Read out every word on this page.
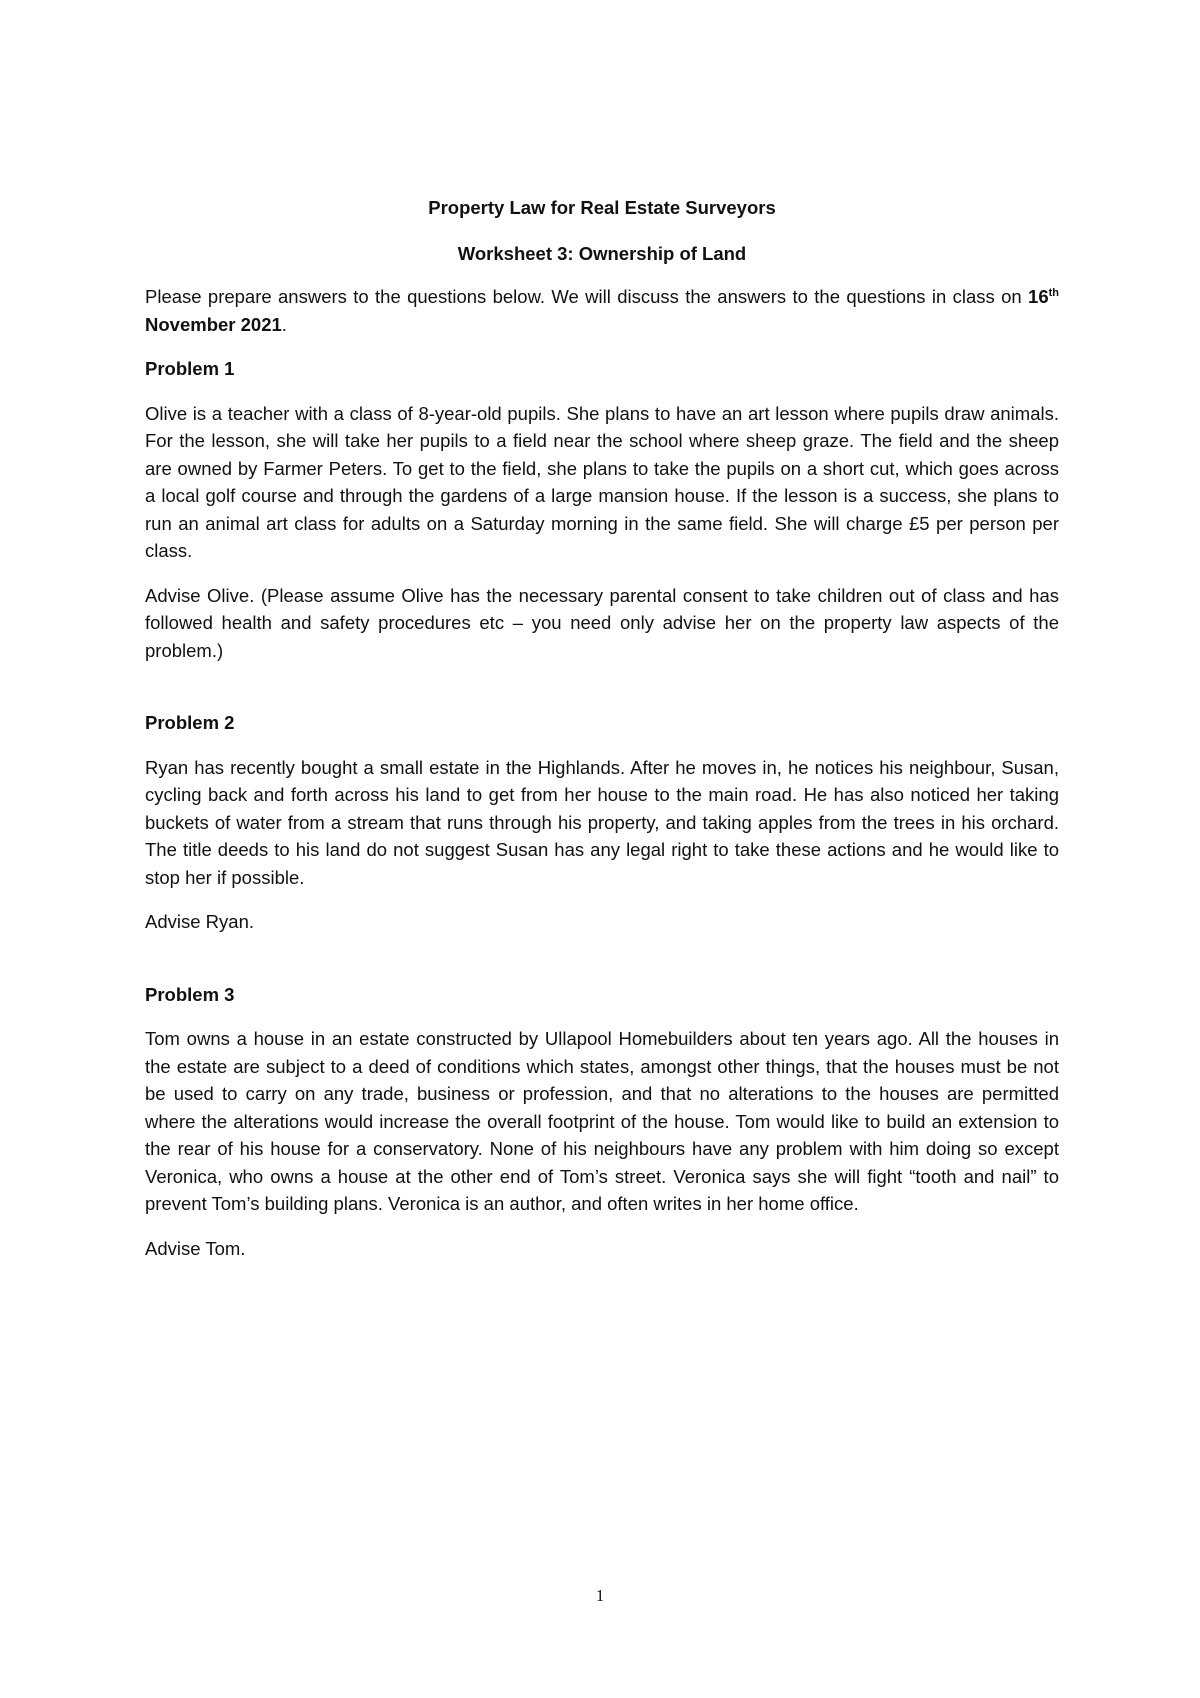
Property Law for Real Estate Surveyors

Worksheet 3: Ownership of Land

Please prepare answers to the questions below. We will discuss the answers to the questions in class on 16th November 2021.

Problem 1

Olive is a teacher with a class of 8-year-old pupils. She plans to have an art lesson where pupils draw animals. For the lesson, she will take her pupils to a field near the school where sheep graze. The field and the sheep are owned by Farmer Peters. To get to the field, she plans to take the pupils on a short cut, which goes across a local golf course and through the gardens of a large mansion house. If the lesson is a success, she plans to run an animal art class for adults on a Saturday morning in the same field. She will charge £5 per person per class.

Advise Olive. (Please assume Olive has the necessary parental consent to take children out of class and has followed health and safety procedures etc – you need only advise her on the property law aspects of the problem.)

Problem 2

Ryan has recently bought a small estate in the Highlands. After he moves in, he notices his neighbour, Susan, cycling back and forth across his land to get from her house to the main road. He has also noticed her taking buckets of water from a stream that runs through his property, and taking apples from the trees in his orchard. The title deeds to his land do not suggest Susan has any legal right to take these actions and he would like to stop her if possible.

Advise Ryan.

Problem 3

Tom owns a house in an estate constructed by Ullapool Homebuilders about ten years ago. All the houses in the estate are subject to a deed of conditions which states, amongst other things, that the houses must be not be used to carry on any trade, business or profession, and that no alterations to the houses are permitted where the alterations would increase the overall footprint of the house. Tom would like to build an extension to the rear of his house for a conservatory. None of his neighbours have any problem with him doing so except Veronica, who owns a house at the other end of Tom’s street. Veronica says she will fight “tooth and nail” to prevent Tom’s building plans. Veronica is an author, and often writes in her home office.

Advise Tom.

1
